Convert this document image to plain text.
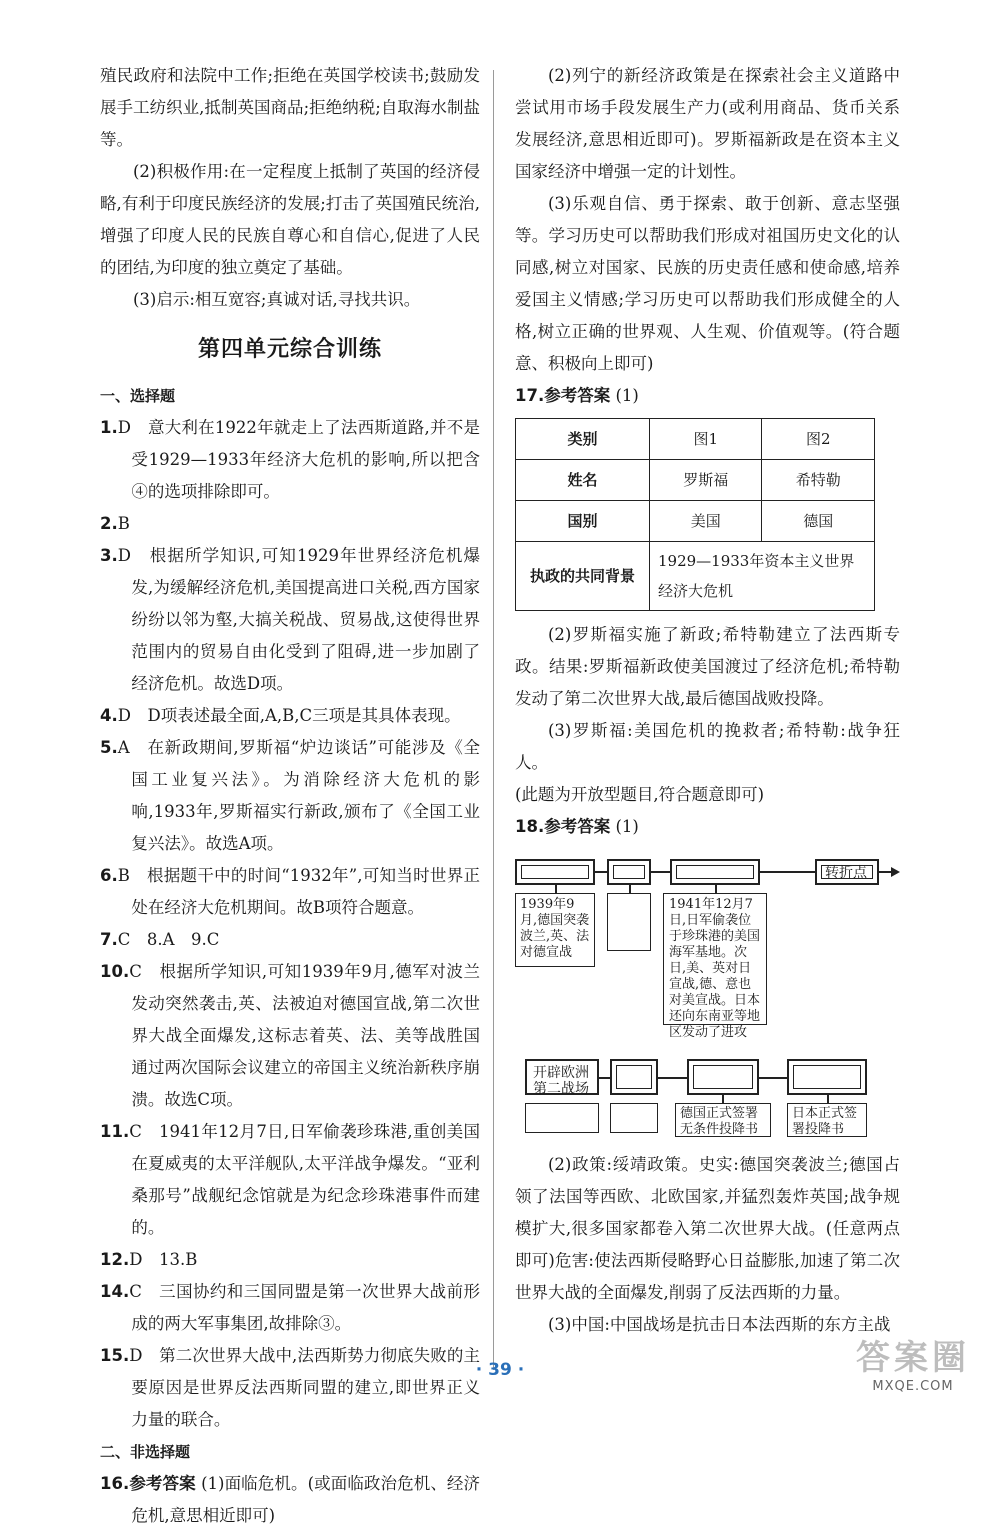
殖民政府和法院中工作;拒绝在英国学校读书;鼓励发展手工纺织业,抵制英国商品;拒绝纳税;自取海水制盐等。

(2)积极作用:在一定程度上抵制了英国的经济侵略,有利于印度民族经济的发展;打击了英国殖民统治,增强了印度人民的民族自尊心和自信心,促进了人民的团结,为印度的独立奠定了基础。

(3)启示:相互宽容;真诚对话,寻找共识。

第四单元综合训练

一、选择题

1.D　意大利在1922年就走上了法西斯道路,并不是受1929—1933年经济大危机的影响,所以把含④的选项排除即可。

2.B

3.D　根据所学知识,可知1929年世界经济危机爆发,为缓解经济危机,美国提高进口关税,西方国家纷纷以邻为壑,大搞关税战、贸易战,这使得世界范围内的贸易自由化受到了阻碍,进一步加剧了经济危机。故选D项。

4.D　D项表述最全面,A,B,C三项是其具体表现。

5.A　在新政期间,罗斯福“炉边谈话”可能涉及《全国工业复兴法》。为消除经济大危机的影响,1933年,罗斯福实行新政,颁布了《全国工业复兴法》。故选A项。

6.B　根据题干中的时间“1932年”,可知当时世界正处在经济大危机期间。故B项符合题意。

7.C　8.A　9.C

10.C　根据所学知识,可知1939年9月,德军对波兰发动突然袭击,英、法被迫对德国宣战,第二次世界大战全面爆发,这标志着英、法、美等战胜国通过两次国际会议建立的帝国主义统治新秩序崩溃。故选C项。

11.C　1941年12月7日,日军偷袭珍珠港,重创美国在夏威夷的太平洋舰队,太平洋战争爆发。“亚利桑那号”战舰纪念馆就是为纪念珍珠港事件而建的。

12.D　13.B

14.C　三国协约和三国同盟是第一次世界大战前形成的两大军事集团,故排除③。

15.D　第二次世界大战中,法西斯势力彻底失败的主要原因是世界反法西斯同盟的建立,即世界正义力量的联合。

二、非选择题

16.参考答案 (1)面临危机。(或面临政治危机、经济危机,意思相近即可)

(2)列宁的新经济政策是在探索社会主义道路中尝试用市场手段发展生产力(或利用商品、货币关系发展经济,意思相近即可)。罗斯福新政是在资本主义国家经济中增强一定的计划性。

(3)乐观自信、勇于探索、敢于创新、意志坚强等。学习历史可以帮助我们形成对祖国历史文化的认同感,树立对国家、民族的历史责任感和使命感,培养爱国主义情感;学习历史可以帮助我们形成健全的人格,树立正确的世界观、人生观、价值观等。(符合题意、积极向上即可)

17.参考答案 (1)

类别	图1	图2
姓名	罗斯福	希特勒
国别	美国	德国
执政的共同背景	1929—1933年资本主义世界经济大危机	

(2)罗斯福实施了新政;希特勒建立了法西斯专政。结果:罗斯福新政使美国渡过了经济危机;希特勒发动了第二次世界大战,最后德国战败投降。

(3)罗斯福:美国危机的挽救者;希特勒:战争狂人。

(此题为开放型题目,符合题意即可)

18.参考答案 (1)

转折点
1939年9月,德国突袭波兰,英、法对德宣战
1941年12月7日,日军偷袭位于珍珠港的美国海军基地。次日,美、英对日宣战,德、意也对美宣战。日本还向东南亚等地区发动了进攻
开辟欧洲第二战场
德国正式签署无条件投降书
日本正式签署投降书

(2)政策:绥靖政策。史实:德国突袭波兰;德国占领了法国等西欧、北欧国家,并猛烈轰炸英国;战争规模扩大,很多国家都卷入第二次世界大战。(任意两点即可)危害:使法西斯侵略野心日益膨胀,加速了第二次世界大战的全面爆发,削弱了反法西斯的力量。

(3)中国:中国战场是抗击日本法西斯的东方主战

· 39 ·	答案圈
MXQE.COM
